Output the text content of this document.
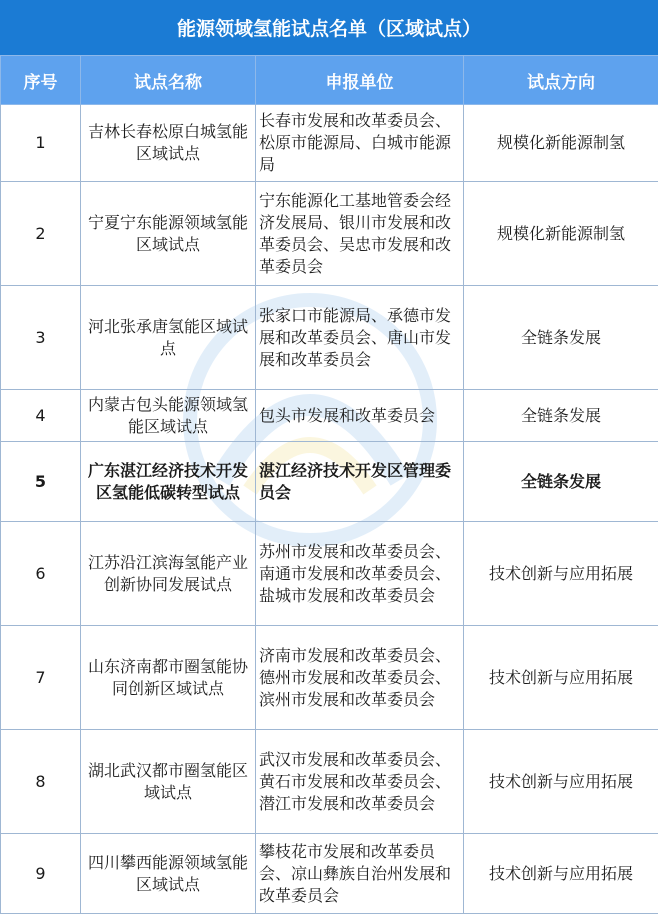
能源领域氢能试点名单（区域试点）
序号	试点名称	申报单位	试点方向
1	吉林长春松原白城氢能区域试点	长春市发展和改革委员会、松原市能源局、白城市能源局	规模化新能源制氢
2	宁夏宁东能源领域氢能区域试点	宁东能源化工基地管委会经济发展局、银川市发展和改革委员会、吴忠市发展和改革委员会	规模化新能源制氢
3	河北张承唐氢能区域试点	张家口市能源局、承德市发展和改革委员会、唐山市发展和改革委员会	全链条发展
4	内蒙古包头能源领域氢能区域试点	包头市发展和改革委员会	全链条发展
5	广东湛江经济技术开发区氢能低碳转型试点	湛江经济技术开发区管理委员会	全链条发展
6	江苏沿江滨海氢能产业创新协同发展试点	苏州市发展和改革委员会、南通市发展和改革委员会、盐城市发展和改革委员会	技术创新与应用拓展
7	山东济南都市圈氢能协同创新区域试点	济南市发展和改革委员会、德州市发展和改革委员会、滨州市发展和改革委员会	技术创新与应用拓展
8	湖北武汉都市圈氢能区域试点	武汉市发展和改革委员会、黄石市发展和改革委员会、潜江市发展和改革委员会	技术创新与应用拓展
9	四川攀西能源领域氢能区域试点	攀枝花市发展和改革委员会、凉山彝族自治州发展和改革委员会	技术创新与应用拓展
